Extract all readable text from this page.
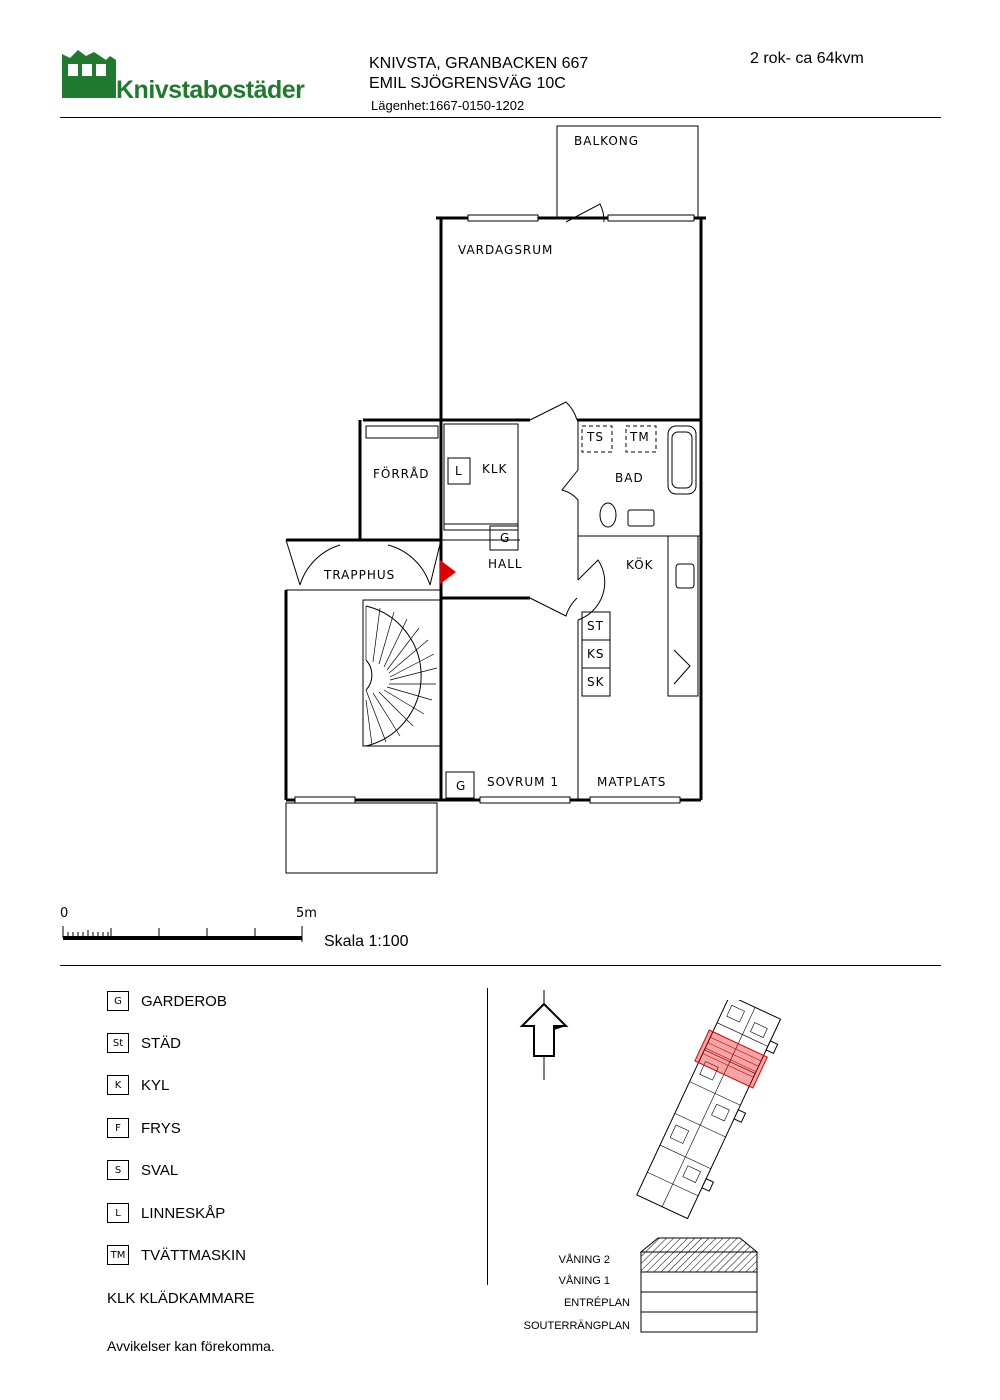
Knivstabostäder
KNIVSTA, GRANBACKEN 667
EMIL SJÖGRENSVÄG 10C
Lägenhet:1667-0150-1202
2 rok- ca 64kvm
BALKONG
VARDAGSRUM
FÖRRÅD	KLK
BAD
TRAPPHUS
HALL	KÖK
SOVRUM 1	MATPLATS
L
G
G
TS TM
ST
KS
SK
0	5m
Skala 1:100
G	GARDEROB
St	STÄD
K	KYL
F	FRYS
S	SVAL
L	LINNESKÅP
TM TVÄTTMASKIN
KLK KLÄDKAMMARE
Avvikelser kan förekomma.
VÅNING 2
VÅNING 1
ENTRÉPLAN
SOUTERRÄNGPLAN
